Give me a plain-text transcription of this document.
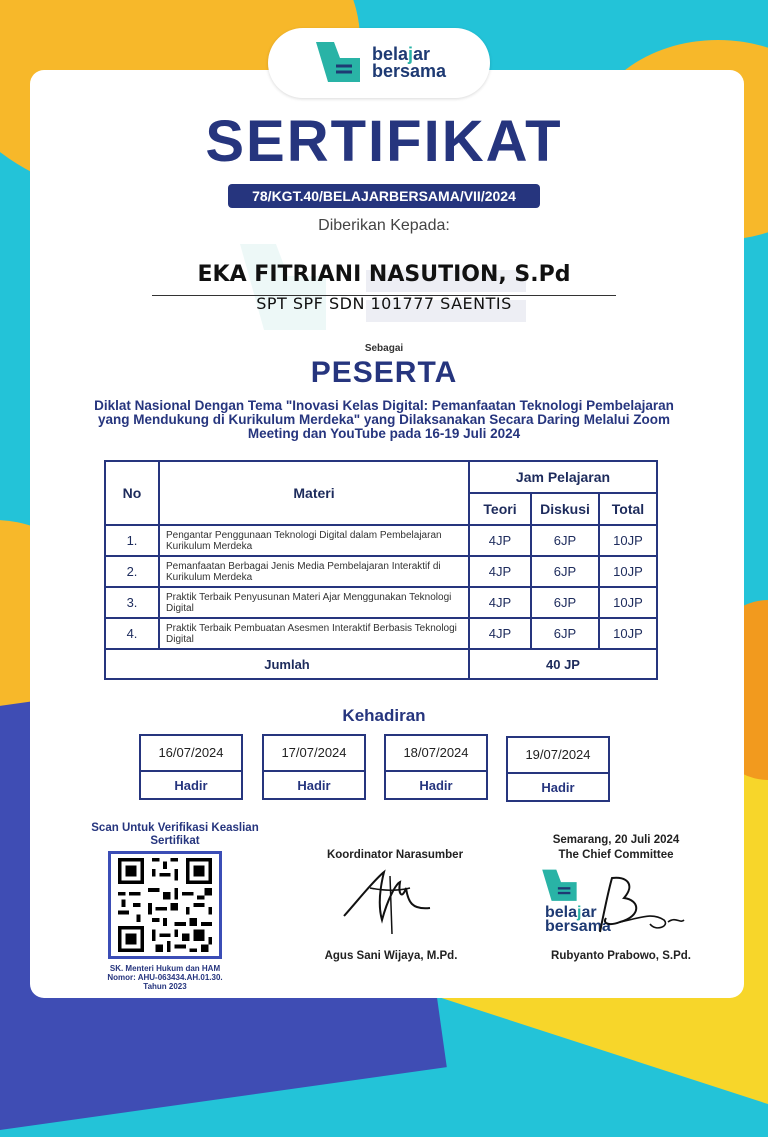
belajar
bersama
SERTIFIKAT
78/KGT.40/BELAJARBERSAMA/VII/2024
Diberikan Kepada:
EKA FITRIANI NASUTION, S.Pd
SPT SPF SDN 101777 SAENTIS
Sebagai
PESERTA
Diklat Nasional Dengan Tema "Inovasi Kelas Digital: Pemanfaatan Teknologi Pembelajaran yang Mendukung di Kurikulum Merdeka" yang Dilaksanakan Secara Daring Melalui Zoom Meeting dan YouTube pada 16-19 Juli 2024
No	Materi	Jam Pelajaran		
		Teori	Diskusi	Total
1.	Pengantar Penggunaan Teknologi Digital dalam Pembelajaran Kurikulum Merdeka	4JP	6JP	10JP
2.	Pemanfaatan Berbagai Jenis Media Pembelajaran Interaktif di Kurikulum Merdeka	4JP	6JP	10JP
3.	Praktik Terbaik Penyusunan Materi Ajar Menggunakan Teknologi Digital	4JP	6JP	10JP
4.	Praktik Terbaik Pembuatan Asesmen Interaktif Berbasis Teknologi Digital	4JP	6JP	10JP
Jumlah		40 JP		
Kehadiran
16/07/2024
Hadir
17/07/2024
Hadir
18/07/2024
Hadir
19/07/2024
Hadir
Scan Untuk Verifikasi Keaslian Sertifikat
SK. Menteri Hukum dan HAM
Nomor: AHU-063434.AH.01.30.
Tahun 2023
Koordinator Narasumber
Agus Sani Wijaya, M.Pd.
Semarang, 20 Juli 2024
The Chief Committee
belajar
bersama
Rubyanto Prabowo, S.Pd.
